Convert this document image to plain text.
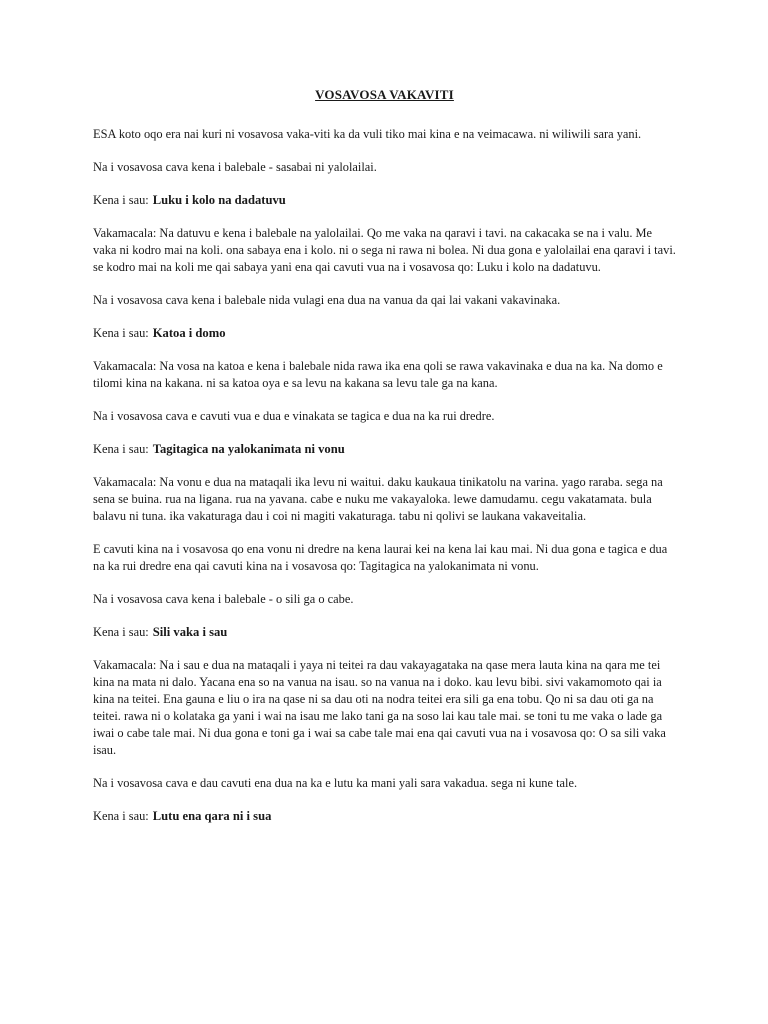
VOSAVOSA VAKAVITI

ESA koto oqo era nai kuri ni vosavosa vaka-viti ka da vuli tiko mai kina e na veimacawa. ni wiliwili sara yani.

Na i vosavosa cava kena i balebale - sasabai ni yalolailai.

Kena i sau: Luku i kolo na dadatuvu

Vakamacala: Na datuvu e kena i balebale na yalolailai. Qo me vaka na qaravi i tavi. na cakacaka se na i valu. Me vaka ni kodro mai na koli. ona sabaya ena i kolo. ni o sega ni rawa ni bolea. Ni dua gona e yalolailai ena qaravi i tavi. se kodro mai na koli me qai sabaya yani ena qai cavuti vua na i vosavosa qo: Luku i kolo na dadatuvu.

Na i vosavosa cava kena i balebale nida vulagi ena dua na vanua da qai lai vakani vakavinaka.

Kena i sau: Katoa i domo

Vakamacala: Na vosa na katoa e kena i balebale nida rawa ika ena qoli se rawa vakavinaka e dua na ka. Na domo e tilomi kina na kakana. ni sa katoa oya e sa levu na kakana sa levu tale ga na kana.

Na i vosavosa cava e cavuti vua e dua e vinakata se tagica e dua na ka rui dredre.

Kena i sau: Tagitagica na yalokanimata ni vonu

Vakamacala: Na vonu e dua na mataqali ika levu ni waitui. daku kaukaua tinikatolu na varina. yago raraba. sega na sena se buina. rua na ligana. rua na yavana. cabe e nuku me vakayaloka. lewe damudamu. cegu vakatamata. bula balavu ni tuna. ika vakaturaga dau i coi ni magiti vakaturaga. tabu ni qolivi se laukana vakaveitalia.

E cavuti kina na i vosavosa qo ena vonu ni dredre na kena laurai kei na kena lai kau mai. Ni dua gona e tagica e dua na ka rui dredre ena qai cavuti kina na i vosavosa qo: Tagitagica na yalokanimata ni vonu.

Na i vosavosa cava kena i balebale - o sili ga o cabe.

Kena i sau: Sili vaka i sau

Vakamacala: Na i sau e dua na mataqali i yaya ni teitei ra dau vakayagataka na qase mera lauta kina na qara me tei kina na mata ni dalo. Yacana ena so na vanua na isau. so na vanua na i doko. kau levu bibi. sivi vakamomoto qai ia kina na teitei. Ena gauna e liu o ira na qase ni sa dau oti na nodra teitei era sili ga ena tobu. Qo ni sa dau oti ga na teitei. rawa ni o kolataka ga yani i wai na isau me lako tani ga na soso lai kau tale mai. se toni tu me vaka o lade ga iwai o cabe tale mai. Ni dua gona e toni ga i wai sa cabe tale mai ena qai cavuti vua na i vosavosa qo: O sa sili vaka isau.

Na i vosavosa cava e dau cavuti ena dua na ka e lutu ka mani yali sara vakadua. sega ni kune tale.

Kena i sau: Lutu ena qara ni i sua
